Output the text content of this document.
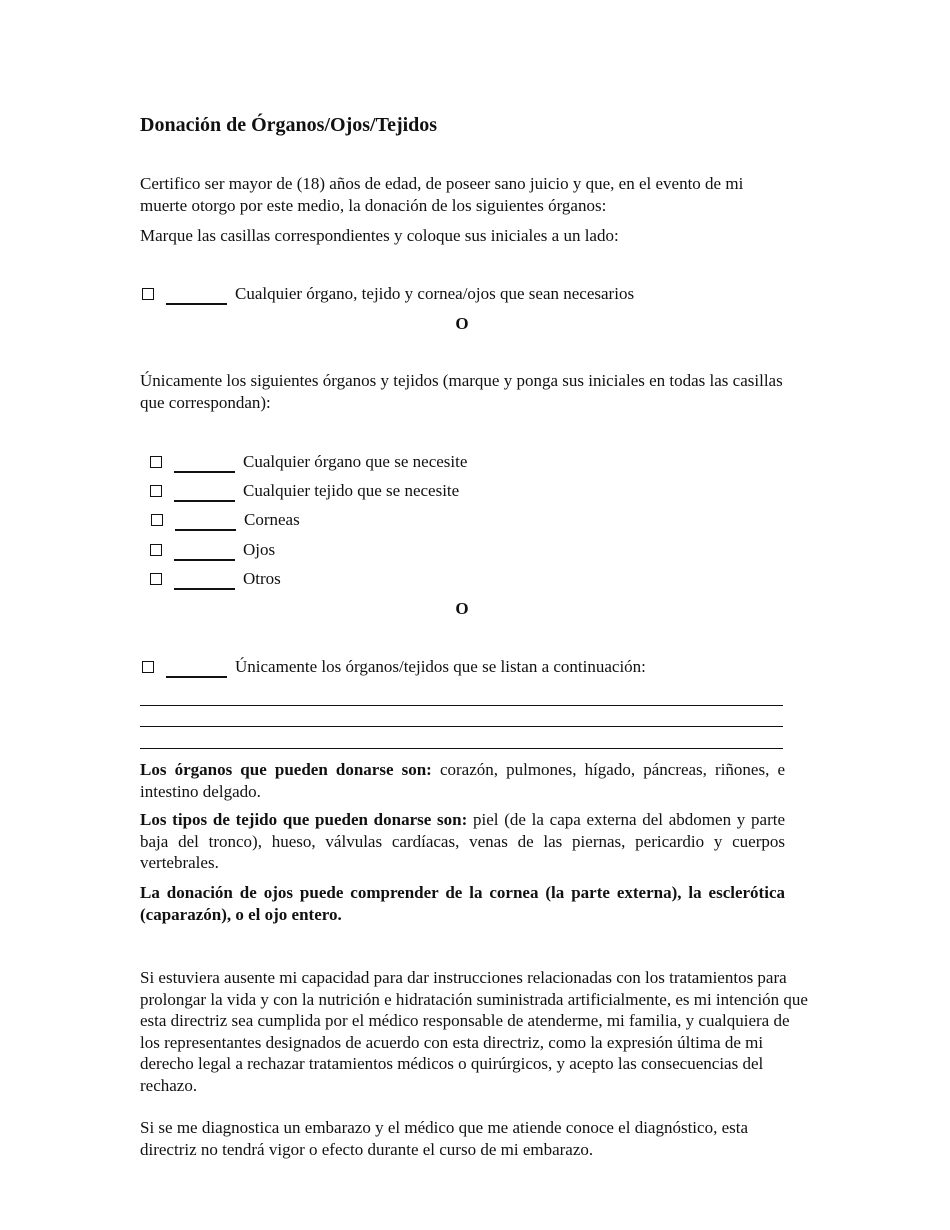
Donación de Órganos/Ojos/Tejidos
Certifico ser mayor de (18) años de edad, de poseer sano juicio y que, en el evento de mi muerte otorgo por este medio, la donación de los siguientes órganos:
Marque las casillas correspondientes y coloque sus iniciales a un lado:
Cualquier órgano, tejido y cornea/ojos que sean necesarios
O
Únicamente los siguientes órganos y tejidos (marque y ponga sus iniciales en todas las casillas que correspondan):
Cualquier órgano que se necesite
Cualquier tejido que se necesite
Corneas
Ojos
Otros
O
Únicamente los órganos/tejidos que se listan a continuación:
Los órganos que pueden donarse son: corazón, pulmones, hígado, páncreas, riñones, e intestino delgado.
Los tipos de tejido que pueden donarse son: piel (de la capa externa del abdomen y parte baja del tronco), hueso, válvulas cardíacas, venas de las piernas, pericardio y cuerpos vertebrales.
La donación de ojos puede comprender de la cornea (la parte externa), la esclerótica (caparazón), o el ojo entero.
Si estuviera ausente mi capacidad para dar instrucciones relacionadas con los tratamientos para prolongar la vida y con la nutrición e hidratación suministrada artificialmente, es mi intención que esta directriz sea cumplida por el médico responsable de atenderme, mi familia, y cualquiera de los representantes designados de acuerdo con esta directriz, como la expresión última de mi derecho legal a rechazar tratamientos médicos o quirúrgicos, y acepto las consecuencias del rechazo.
Si se me diagnostica un embarazo y el médico que me atiende conoce el diagnóstico, esta directriz no tendrá vigor o efecto durante el curso de mi embarazo.
